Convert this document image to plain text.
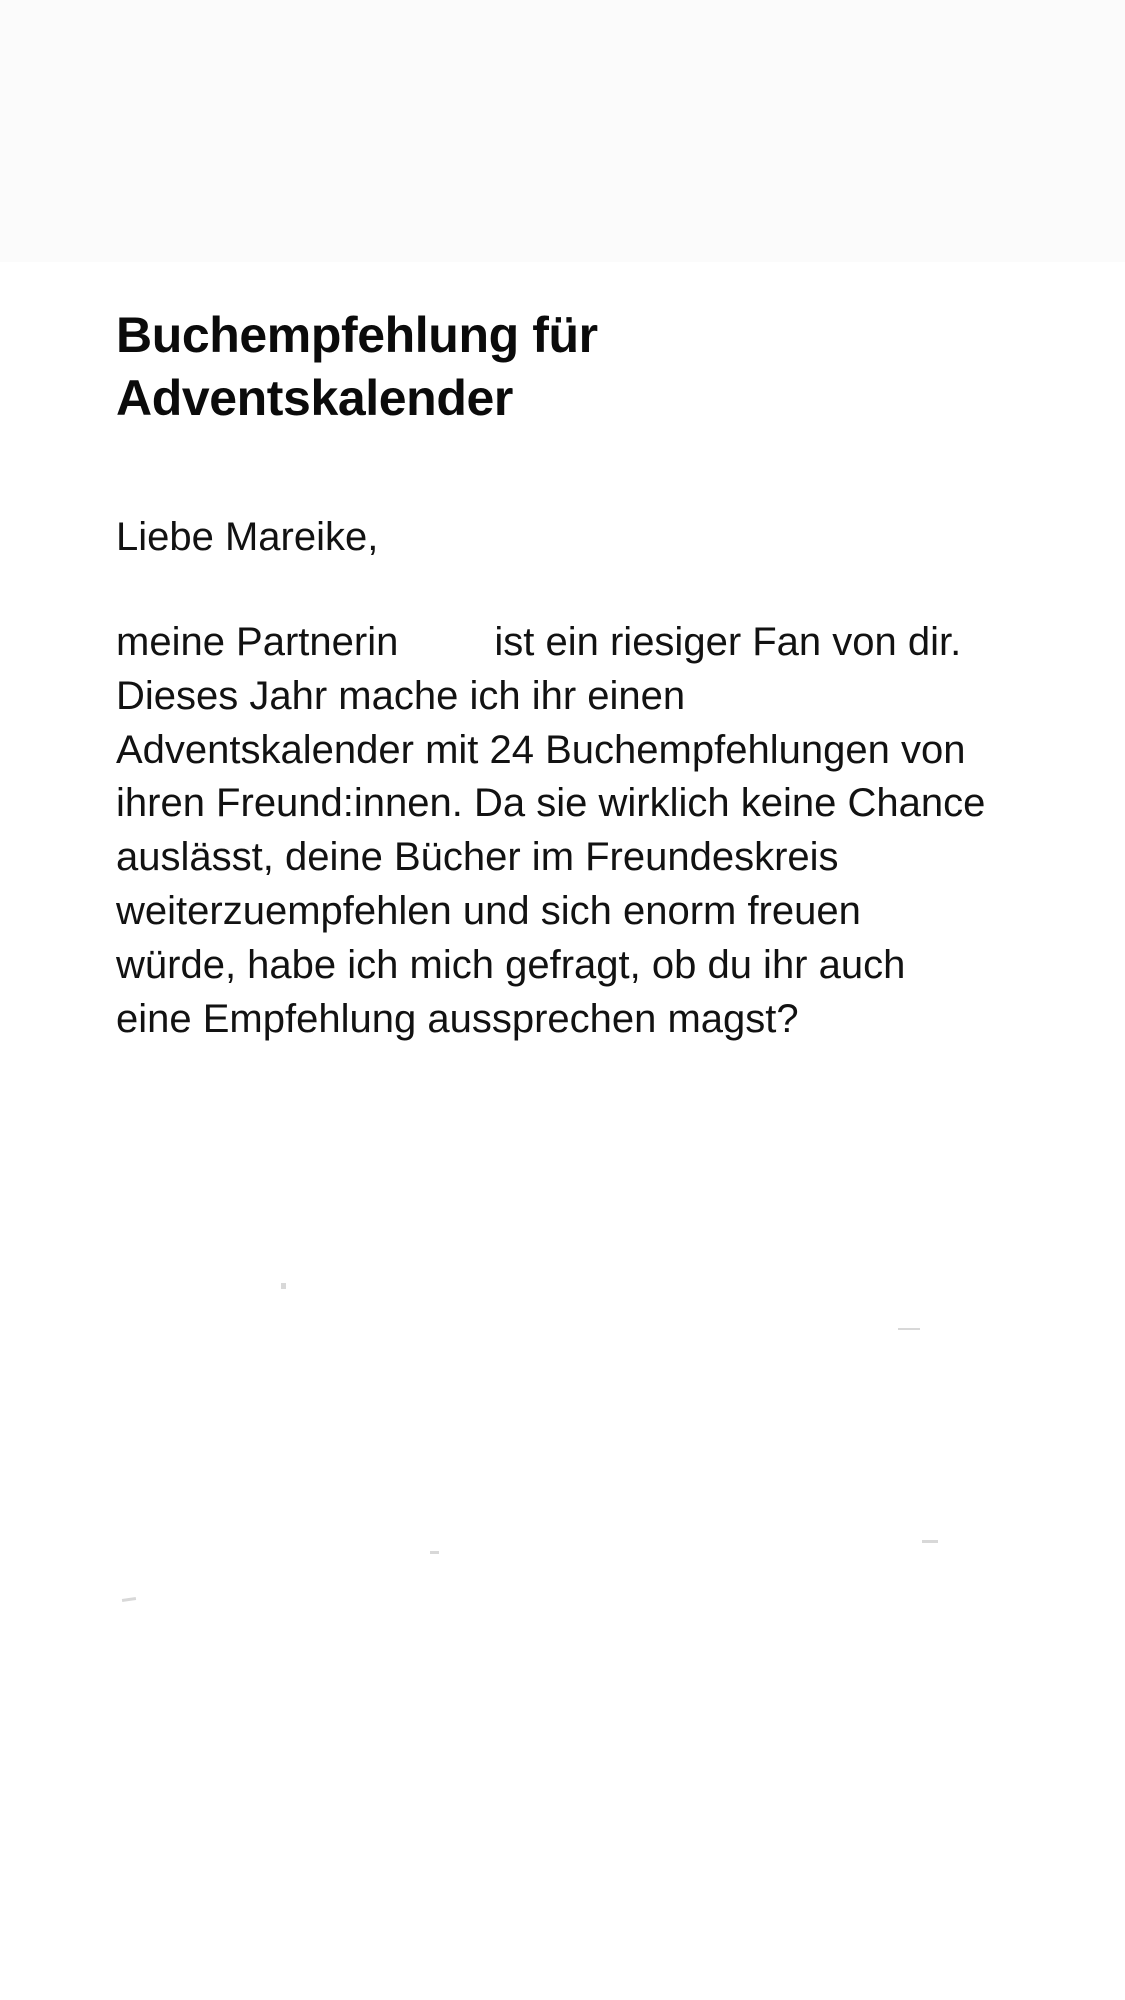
Buchempfehlung für Adventskalender

Liebe Mareike,

meine Partnerin ist ein riesiger Fan von dir. Dieses Jahr mache ich ihr einen Adventskalender mit 24 Buchempfehlungen von ihren Freund:innen. Da sie wirklich keine Chance auslässt, deine Bücher im Freundeskreis weiterzuempfehlen und sich enorm freuen würde, habe ich mich gefragt, ob du ihr auch eine Empfehlung aussprechen magst?
